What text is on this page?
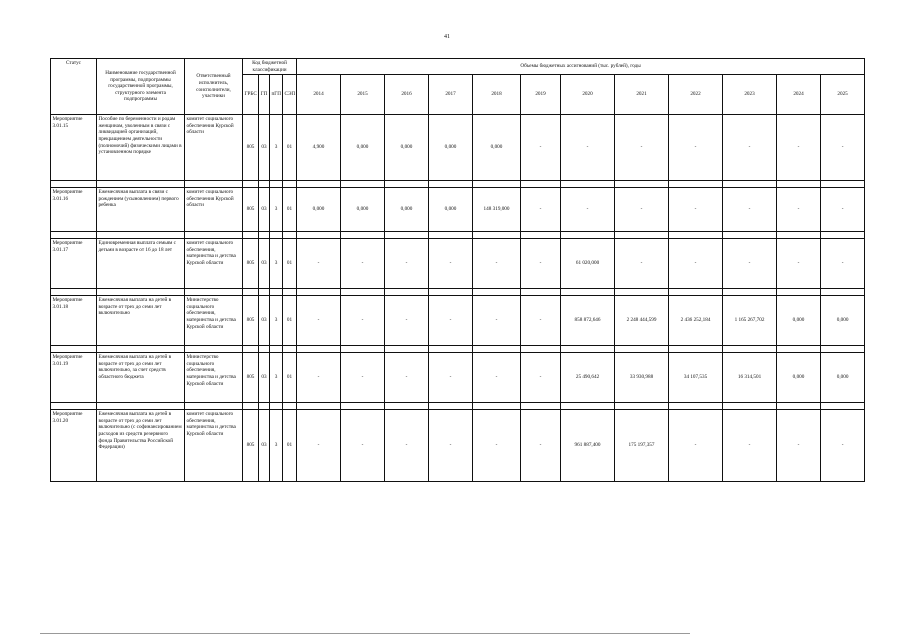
41
Статус	Наименование государственной программы, подпрограммы государственной программы, структурного элемента подпрограммы	Ответственный исполнитель, соисполнители, участники	Код бюджетной классификации				Объемы бюджетных ассигнований (тыс. рублей), годы											
			ГРБС	ГП	пГП	СЭП	2014	2015	2016	2017	2018	2019	2020	2021	2022	2023	2024	2025
Мероприятие 3.01.15	Пособие по беременности и родам женщинам, уволенным в связи с ликвидацией организаций, прекращением деятельности (полномочий) физическими лицами в установленном порядке	комитет социального обеспечения Курской области	805	03	3	01	4,900	0,000	0,000	0,000	0,000	-	-	-	-	-	-	-

Мероприятие 3.01.16	Ежемесячная выплата в связи с рождением (усыновлением) первого ребенка	комитет социального обеспечения Курской области	805	03	3	01	0,000	0,000	0,000	0,000	148 319,000	-	-	-	-	-	-	-

Мероприятие 3.01.17	Единовременная выплата семьям с детьми в возрасте от 16 до 18 лет	комитет социального обеспечения, материнства и детства Курской области	805	03	3	01	-	-	-	-	-	-	61 020,000	-	-	-	-	-

Мероприятие 3.01.18	Ежемесячная выплата на детей в возрасте от трех до семи лет включительно	Министерство социального обеспечения, материнства и детства Курской области	805	03	3	01	-	-	-	-	-	-	858 872,646	2 248 444,599	2 436 252,184	1 165 267,702	0,000	0,000

Мероприятие 3.01.19	Ежемесячная выплата на детей в возрасте от трех до семи лет включительно, за счет средств областного бюджета	Министерство социального обеспечения, материнства и детства Курской области	805	03	3	01	-	-	-	-	-	-	25 490,642	33 930,988	34 107,535	16 314,501	0,000	0,000

Мероприятие 3.01.20	Ежемесячная выплата на детей в возрасте от трех до семи лет включительно (с софинансированием расходов из средств резервного фонда Правительства Российской Федерации)	комитет социального обеспечения, материнства и детства Курской области	805	03	3	01	-	-	-	-	-	-	961 887,400	175 197,357	-	-	-	-
